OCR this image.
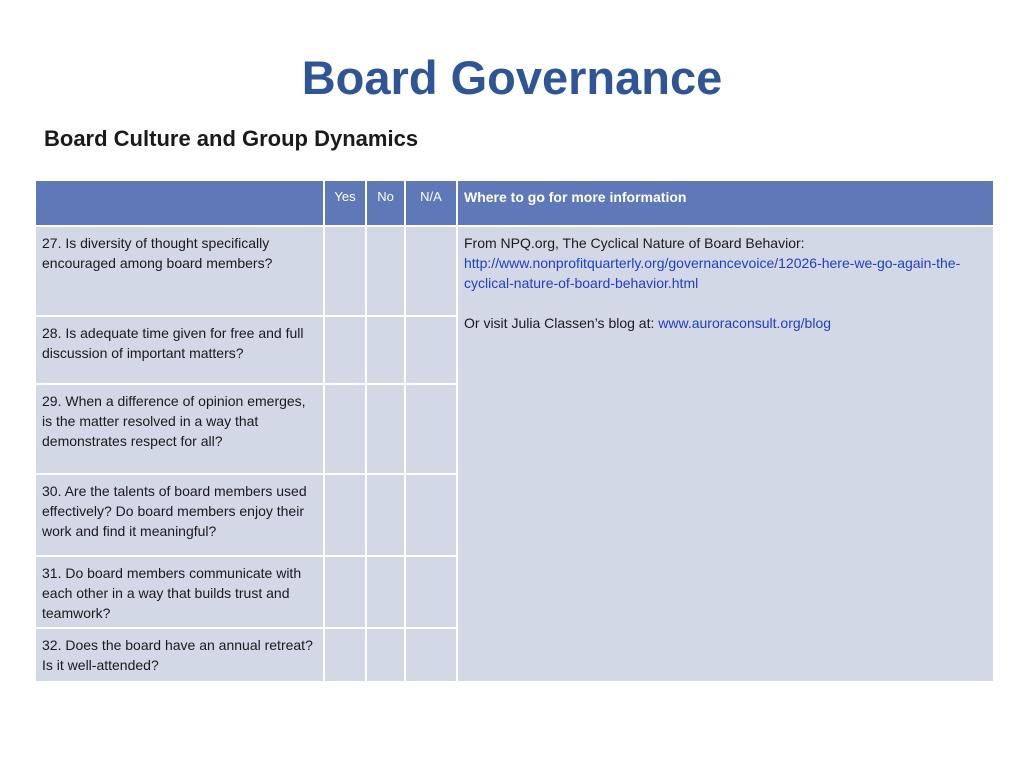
Board Governance
Board Culture and Group Dynamics
	Yes	No	N/A	Where to go for more information
27. Is diversity of thought specifically encouraged among board members?				From NPQ.org, The Cyclical Nature of Board Behavior:

http://www.nonprofitquarterly.org/governancevoice/12026-here-we-go-again-the-cyclical-nature-of-board-behavior.html

Or visit Julia Classen’s blog at: www.auroraconsult.org/blog

28. Is adequate time given for free and full discussion of important matters?				
29. When a difference of opinion emerges, is the matter resolved in a way that demonstrates respect for all?				
30. Are the talents of board members used effectively? Do board members enjoy their work and find it meaningful?				
31. Do board members communicate with each other in a way that builds trust and teamwork?				
32. Does the board have an annual retreat? Is it well-attended?				
